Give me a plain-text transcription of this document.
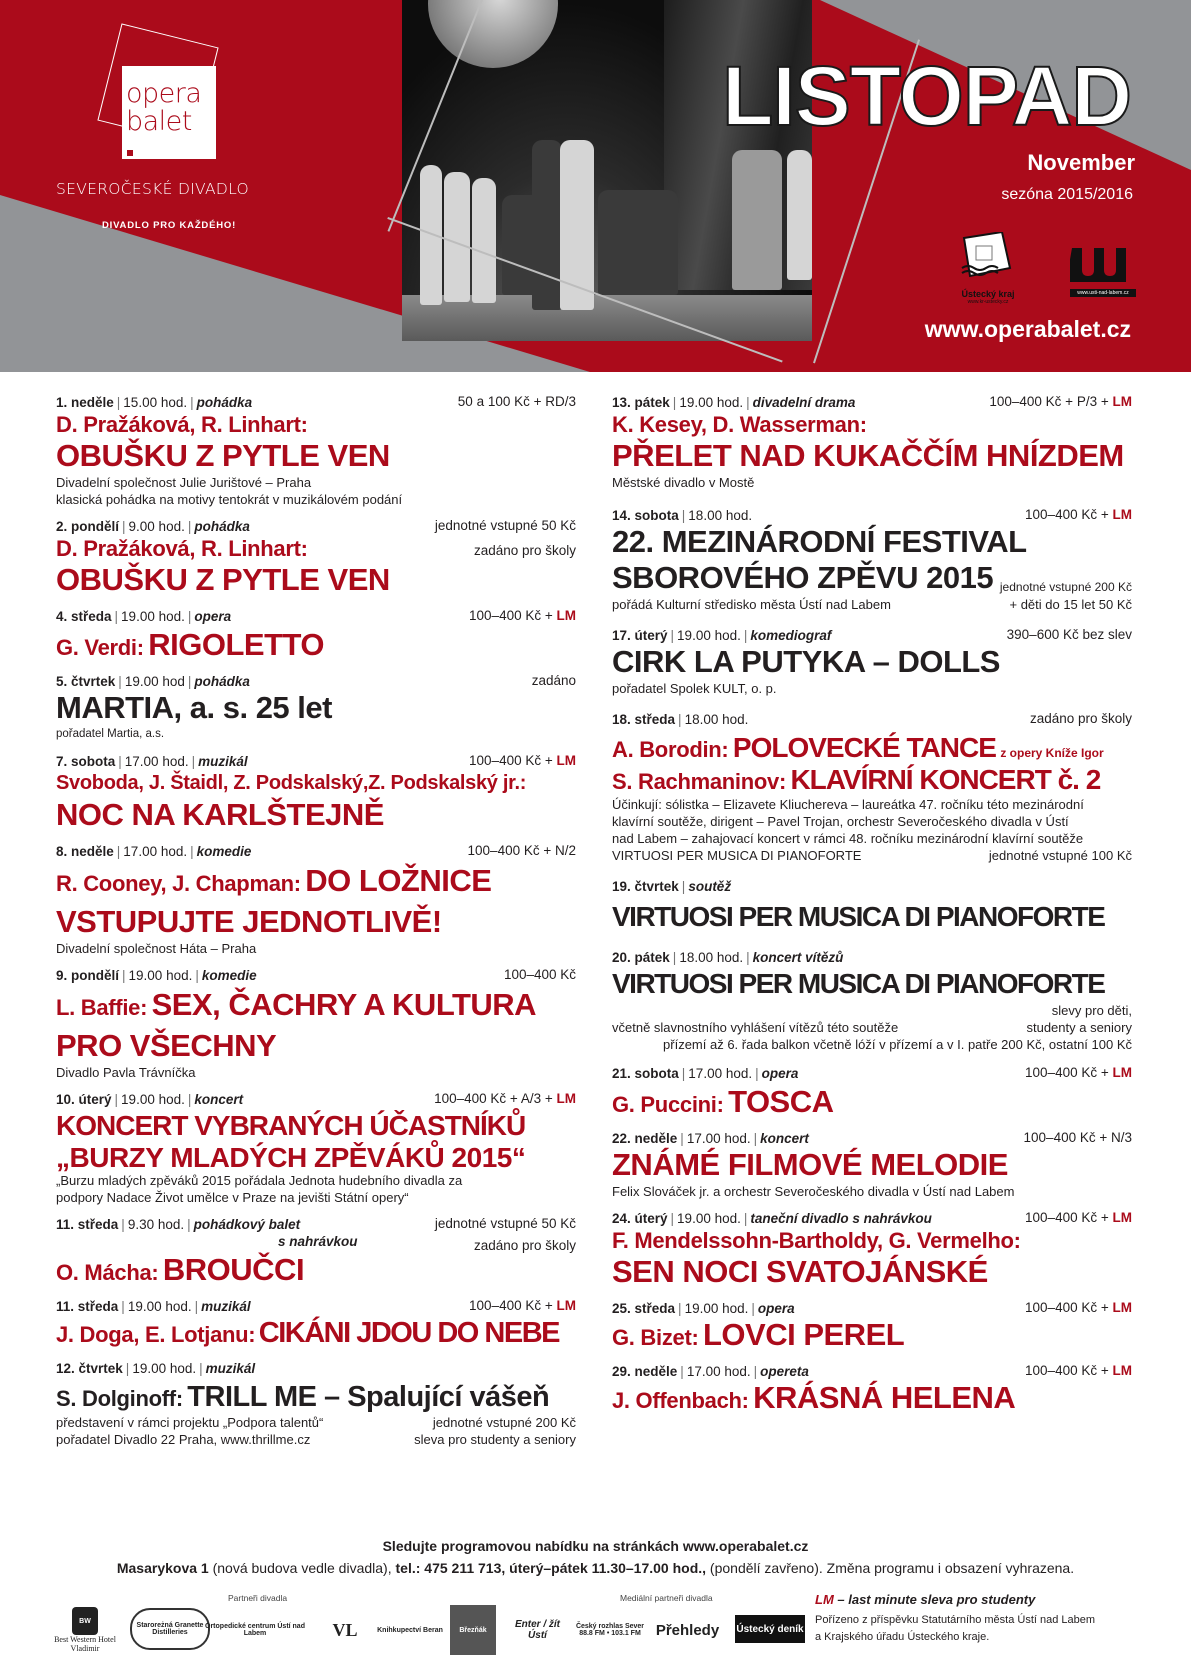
opera
balet
SEVEROČESKÉ DIVADLO
DIVADLO PRO KAŽDÉHO!
LISTOPAD
November
sezóna 2015/2016
Ústecký kraj
www.kr-ustecky.cz
www.usti-nad-labem.cz
www.operabalet.cz
1. neděle | 15.00 hod. | pohádka	50 a 100 Kč + RD/3
D. Pražáková, R. Linhart:
OBUŠKU Z PYTLE VEN
Divadelní společnost Julie Jurištové – Praha
klasická pohádka na motivy tentokrát v muzikálovém podání
2. pondělí | 9.00 hod. | pohádka	jednotné vstupné 50 Kč
zadáno pro školy
D. Pražáková, R. Linhart:
OBUŠKU Z PYTLE VEN
4. středa | 19.00 hod. | opera	100–400 Kč + LM
G. Verdi: RIGOLETTO
5. čtvrtek | 19.00 hod | pohádka	zadáno
MARTIA, a. s. 25 let
pořadatel Martia, a.s.
7. sobota | 17.00 hod. | muzikál	100–400 Kč + LM
Svoboda, J. Štaidl, Z. Podskalský,Z. Podskalský jr.:
NOC NA KARLŠTEJNĚ
8. neděle | 17.00 hod. | komedie	100–400 Kč + N/2
R. Cooney, J. Chapman: DO LOŽNICE
VSTUPUJTE JEDNOTLIVĚ!
Divadelní společnost Háta – Praha
9. pondělí | 19.00 hod. | komedie	100–400 Kč
L. Baffie: SEX, ČACHRY A KULTURA
PRO VŠECHNY
Divadlo Pavla Trávníčka
10. úterý | 19.00 hod. | koncert	100–400 Kč + A/3 + LM
KONCERT VYBRANÝCH ÚČASTNÍKŮ
„BURZY MLADÝCH ZPĚVÁKŮ 2015“
„Burzu mladých zpěváků 2015 pořádala Jednota hudebního divadla za
podpory Nadace Život umělce v Praze na jevišti Státní opery“
11. středa | 9.30 hod. | pohádkový balet
s nahrávkou
jednotné vstupné 50 Kč
zadáno pro školy
O. Mácha: BROUČCI
11. středa | 19.00 hod. | muzikál	100–400 Kč + LM
J. Doga, E. Lotjanu: CIKÁNI JDOU DO NEBE
12. čtvrtek | 19.00 hod. | muzikál
S. Dolginoff: TRILL ME – Spalující vášeň
představení v rámci projektu „Podpora talentů“	jednotné vstupné 200 Kč
pořadatel Divadlo 22 Praha, www.thrillme.cz	sleva pro studenty a seniory
13. pátek | 19.00 hod. | divadelní drama	100–400 Kč + P/3 + LM
K. Kesey, D. Wasserman:
PŘELET NAD KUKAČČÍM HNÍZDEM
Městské divadlo v Mostě
14. sobota | 18.00 hod.	100–400 Kč + LM
22. MEZINÁRODNÍ FESTIVAL
SBOROVÉHO ZPĚVU 2015 jednotné vstupné 200 Kč
pořádá Kulturní středisko města Ústí nad Labem	+ děti do 15 let 50 Kč
17. úterý | 19.00 hod. | komediograf	390–600 Kč bez slev
CIRK LA PUTYKA – DOLLS
pořadatel Spolek KULT, o. p.
18. středa | 18.00 hod.	zadáno pro školy
A. Borodin: POLOVECKÉ TANCE z opery Kníže Igor
S. Rachmaninov: KLAVÍRNÍ KONCERT č. 2
Účinkují: sólistka – Elizavete Kliuchereva – laureátka 47. ročníku této mezinárodní
klavírní soutěže, dirigent – Pavel Trojan, orchestr Severočeského divadla v Ústí
nad Labem – zahajovací koncert v rámci 48. ročníku mezinárodní klavírní soutěže
VIRTUOSI PER MUSICA DI PIANOFORTE	jednotné vstupné 100 Kč
19. čtvrtek | soutěž
VIRTUOSI PER MUSICA DI PIANOFORTE
20. pátek | 18.00 hod. | koncert vítězů
VIRTUOSI PER MUSICA DI PIANOFORTE
slevy pro děti,
včetně slavnostního vyhlášení vítězů této soutěže	studenty a seniory
přízemí až 6. řada balkon včetně lóží v přízemí a v I. patře 200 Kč, ostatní 100 Kč
21. sobota | 17.00 hod. | opera	100–400 Kč + LM
G. Puccini: TOSCA
22. neděle | 17.00 hod. | koncert	100–400 Kč + N/3
ZNÁMÉ FILMOVÉ MELODIE
Felix Slováček jr. a orchestr Severočeského divadla v Ústí nad Labem
24. úterý | 19.00 hod. | taneční divadlo s nahrávkou	100–400 Kč + LM
F. Mendelssohn-Bartholdy, G. Vermelho:
SEN NOCI SVATOJÁNSKÉ
25. středa | 19.00 hod. | opera	100–400 Kč + LM
G. Bizet: LOVCI PEREL
29. neděle | 17.00 hod. | opereta	100–400 Kč + LM
J. Offenbach: KRÁSNÁ HELENA
Sledujte programovou nabídku na stránkách www.operabalet.cz
Masarykova 1 (nová budova vedle divadla), tel.: 475 211 713, úterý–pátek 11.30–17.00 hod., (pondělí zavřeno). Změna programu i obsazení vyhrazena.
Partneři divadla	Mediální partneři divadla
BW
Best Western Hotel Vladimir
Staroreżná Granette Distilleries
Ortopedické centrum Ústí nad Labem	VL	Knihkupectví Beran	Březňák	Enter / žít Ústí
Český rozhlas Sever 88.8 FM • 103.1 FM	Přehledy	Ústecký deník
LM – last minute sleva pro studenty
Pořízeno z příspěvku Statutárního města Ústí nad Labem
a Krajského úřadu Ústeckého kraje.
